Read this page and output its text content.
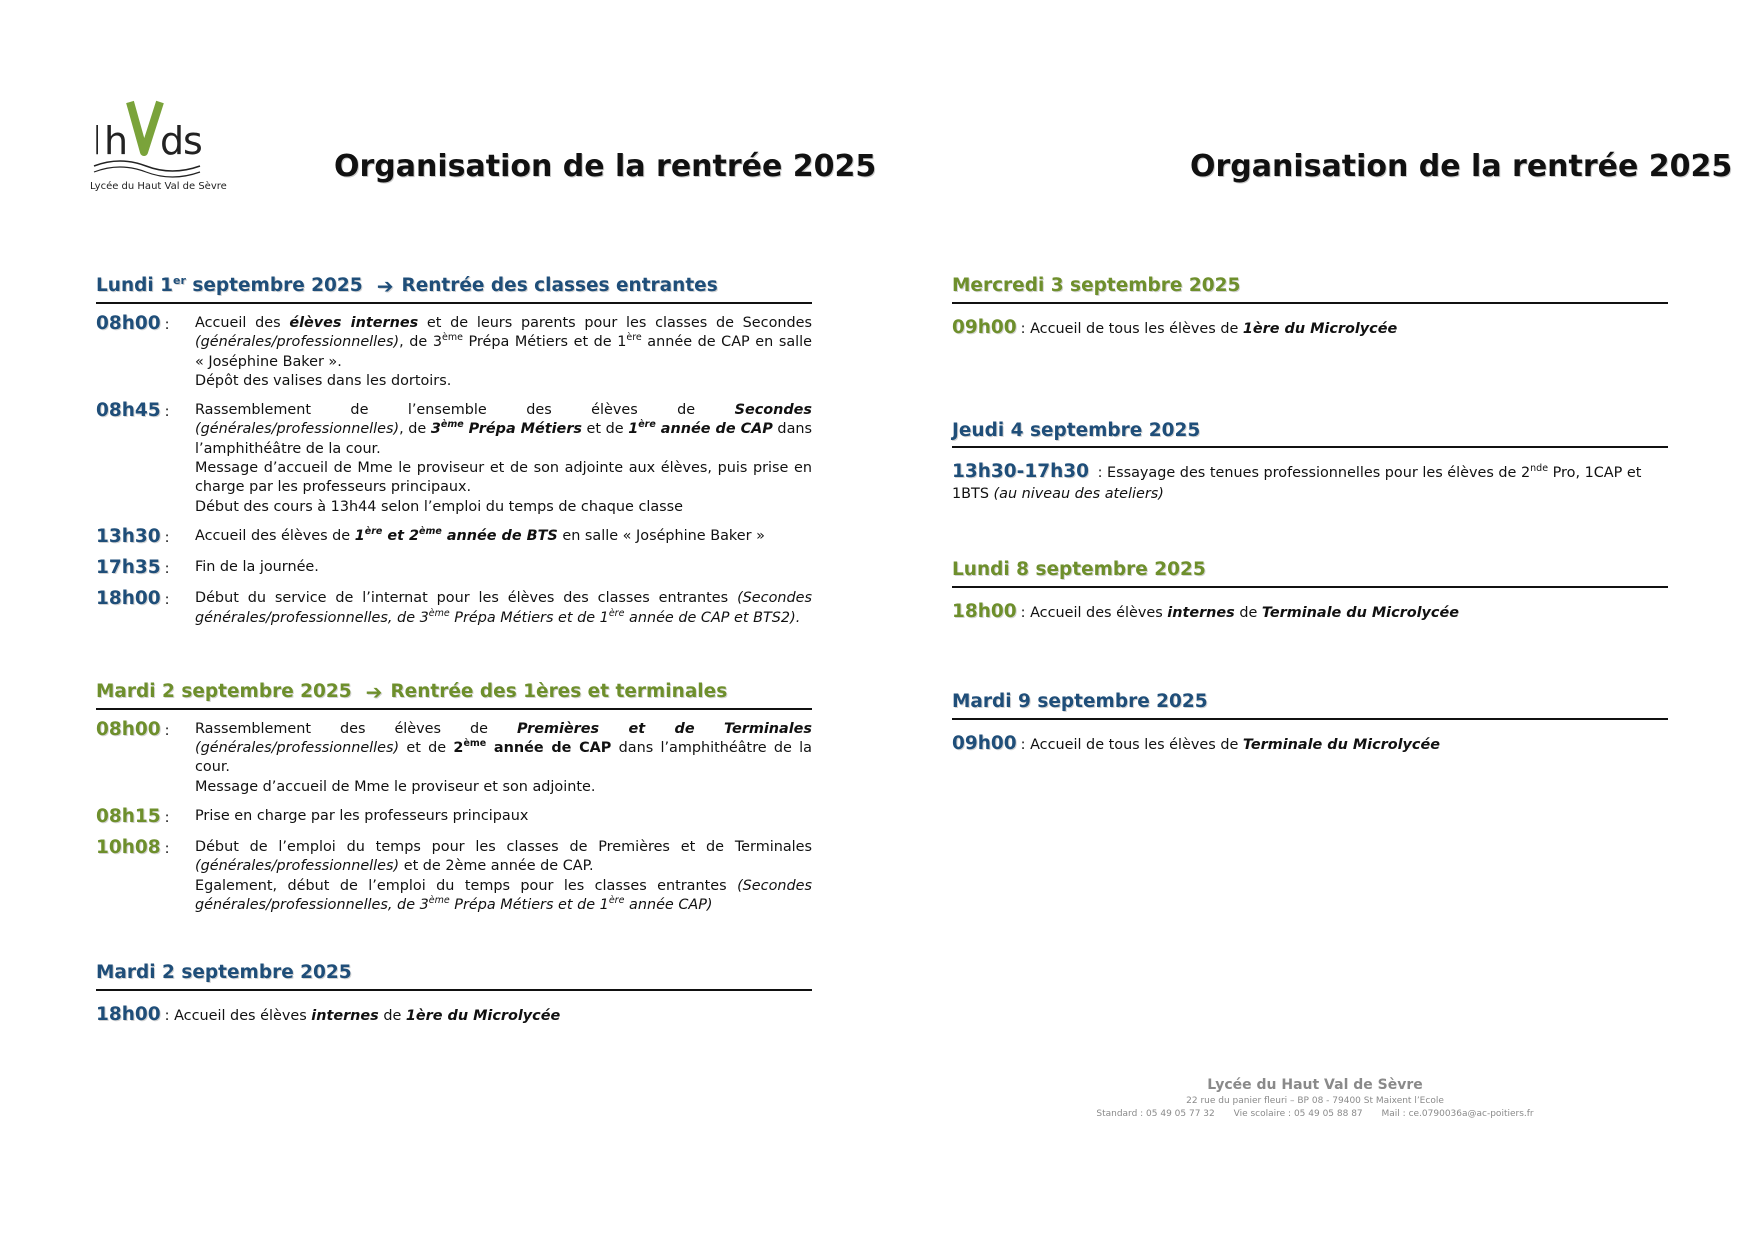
l h d
s
Lycée du Haut Val de Sèvre
Organisation de la rentrée 2025	Organisation de la rentrée 2025
Lundi 1er septembre 2025 ➔ Rentrée des classes entrantes
08h00 :	Accueil des élèves internes et de leurs parents pour les classes de Secondes (générales/professionnelles), de 3ème Prépa Métiers et de 1ère année de CAP en salle « Joséphine Baker ».

Dépôt des valises dans les dortoirs.

08h45 :	Rassemblement de l’ensemble des élèves de Secondes (générales/professionnelles), de 3ème Prépa Métiers et de 1ère année de CAP dans l’amphithéâtre de la cour.

Message d’accueil de Mme le proviseur et de son adjointe aux élèves, puis prise en charge par les professeurs principaux.

Début des cours à 13h44 selon l’emploi du temps de chaque classe

13h30 :	Accueil des élèves de 1ère et 2ème année de BTS en salle « Joséphine Baker »

17h35 :	Fin de la journée.

18h00 :	Début du service de l’internat pour les élèves des classes entrantes (Secondes générales/professionnelles, de 3ème Prépa Métiers et de 1ère année de CAP et BTS2).

Mardi 2 septembre 2025 ➔ Rentrée des 1ères et terminales
08h00 :	Rassemblement des élèves de Premières et de Terminales (générales/professionnelles) et de 2ème année de CAP dans l’amphithéâtre de la cour.

Message d’accueil de Mme le proviseur et son adjointe.

08h15 :	Prise en charge par les professeurs principaux

10h08 :	Début de l’emploi du temps pour les classes de Premières et de Terminales (générales/professionnelles) et de 2ème année de CAP.

Egalement, début de l’emploi du temps pour les classes entrantes (Secondes générales/professionnelles, de 3ème Prépa Métiers et de 1ère année CAP)

Mardi 2 septembre 2025
18h00 : Accueil des élèves internes de 1ère du Microlycée
Mercredi 3 septembre 2025
09h00 : Accueil de tous les élèves de 1ère du Microlycée
Jeudi 4 septembre 2025
13h30-17h30 : Essayage des tenues professionnelles pour les élèves de 2nde Pro, 1CAP et 1BTS (au niveau des ateliers)
Lundi 8 septembre 2025
18h00 : Accueil des élèves internes de Terminale du Microlycée
Mardi 9 septembre 2025
09h00 : Accueil de tous les élèves de Terminale du Microlycée
Lycée du Haut Val de Sèvre
22 rue du panier fleuri – BP 08 - 79400 St Maixent l’Ecole
Standard : 05 49 05 77 32 Vie scolaire : 05 49 05 88 87 Mail : ce.0790036a@ac-poitiers.fr
